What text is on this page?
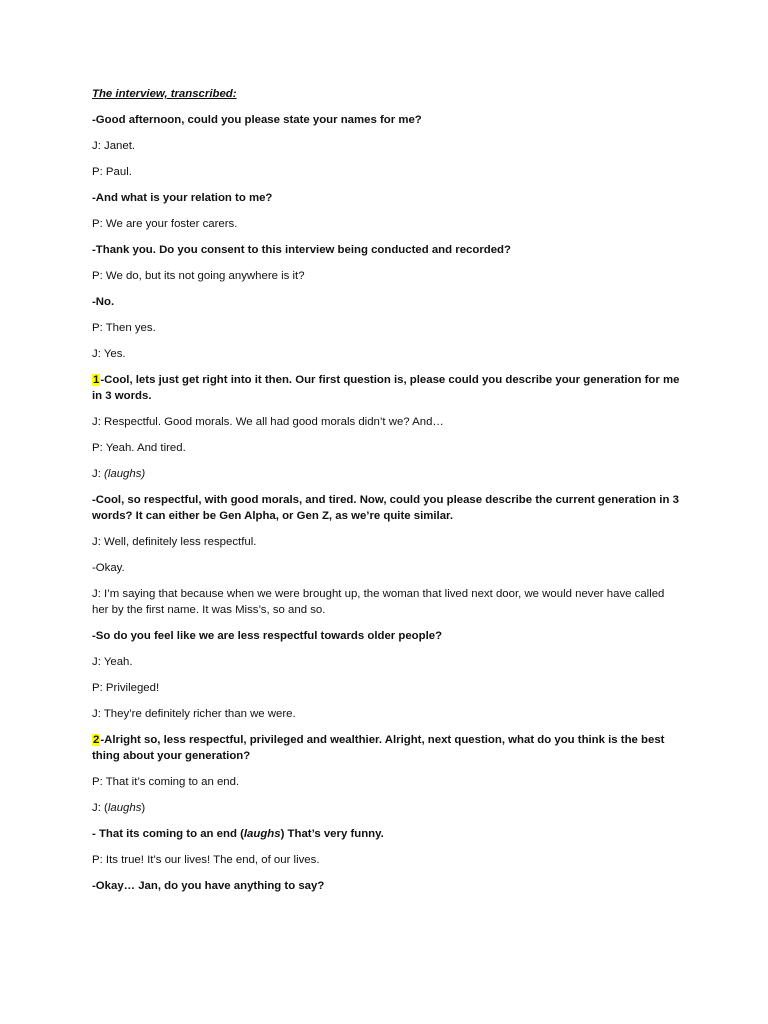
The interview, transcribed:

-Good afternoon, could you please state your names for me?

J: Janet.

P: Paul.

-And what is your relation to me?

P: We are your foster carers.

-Thank you. Do you consent to this interview being conducted and recorded?

P: We do, but its not going anywhere is it?

-No.

P: Then yes.

J: Yes.

1-Cool, lets just get right into it then. Our first question is, please could you describe your generation for me in 3 words.

J: Respectful. Good morals. We all had good morals didn’t we? And…

P: Yeah. And tired.

J: (laughs)

-Cool, so respectful, with good morals, and tired. Now, could you please describe the current generation in 3 words? It can either be Gen Alpha, or Gen Z, as we’re quite similar.

J: Well, definitely less respectful.

-Okay.

J: I’m saying that because when we were brought up, the woman that lived next door, we would never have called her by the first name. It was Miss’s, so and so.

-So do you feel like we are less respectful towards older people?

J: Yeah.

P: Privileged!

J: They’re definitely richer than we were.

2-Alright so, less respectful, privileged and wealthier. Alright, next question, what do you think is the best thing about your generation?

P: That it’s coming to an end.

J: (laughs)

- That its coming to an end (laughs) That’s very funny.

P: Its true! It’s our lives! The end, of our lives.

-Okay… Jan, do you have anything to say?
